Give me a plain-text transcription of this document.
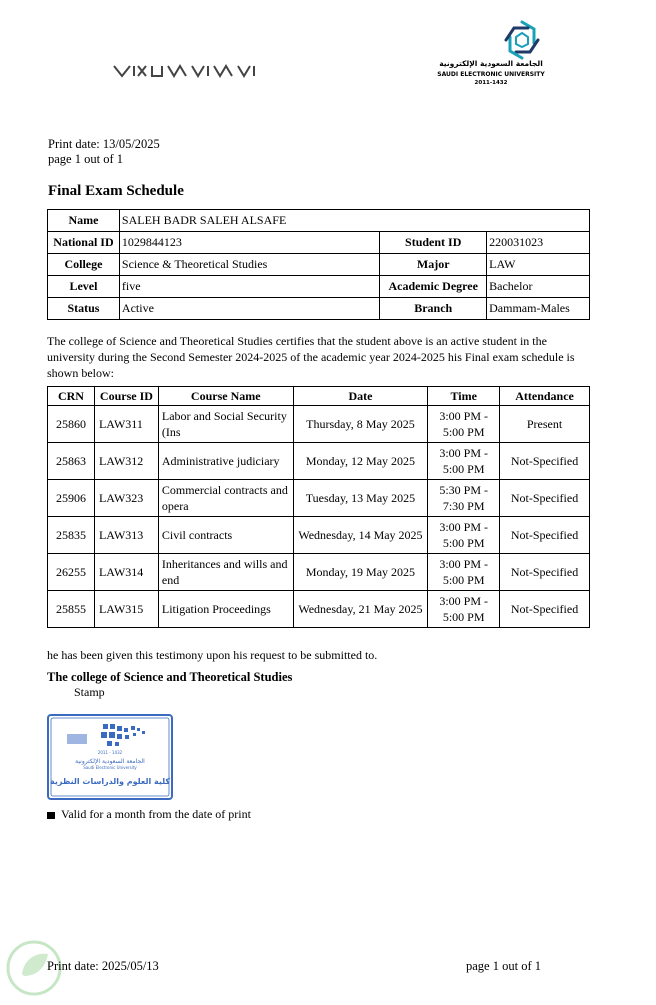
الجامعة السعودية الإلكترونية
SAUDI ELECTRONIC UNIVERSITY
2011-1432
Print date: 13/05/2025
page 1 out of 1
Final Exam Schedule
Name	SALEH BADR SALEH ALSAFE		
National ID	1029844123	Student ID	220031023
College	Science & Theoretical Studies	Major	LAW
Level	five	Academic Degree	Bachelor
Status	Active	Branch	Dammam-Males
The college of Science and Theoretical Studies certifies that the student above is an active student in the university during the Second Semester 2024-2025 of the academic year 2024-2025 his Final exam schedule is shown below:
CRN	Course ID	Course Name	Date	Time	Attendance
25860	LAW311	Labor and Social Security (Ins	Thursday, 8 May 2025	3:00 PM - 5:00 PM	Present
25863	LAW312	Administrative judiciary	Monday, 12 May 2025	3:00 PM - 5:00 PM	Not-Specified
25906	LAW323	Commercial contracts and opera	Tuesday, 13 May 2025	5:30 PM - 7:30 PM	Not-Specified
25835	LAW313	Civil contracts	Wednesday, 14 May 2025	3:00 PM - 5:00 PM	Not-Specified
26255	LAW314	Inheritances and wills and end	Monday, 19 May 2025	3:00 PM - 5:00 PM	Not-Specified
25855	LAW315	Litigation Proceedings	Wednesday, 21 May 2025	3:00 PM - 5:00 PM	Not-Specified
he has been given this testimony upon his request to be submitted to.
The college of Science and Theoretical Studies
Stamp
2011 - 1432
الجامعة السعودية الإلكترونية
Saudi Electronic University
كلية العلوم والدراسات النظرية
Valid for a month from the date of print
Print date: 2025/05/13	page 1 out of 1
